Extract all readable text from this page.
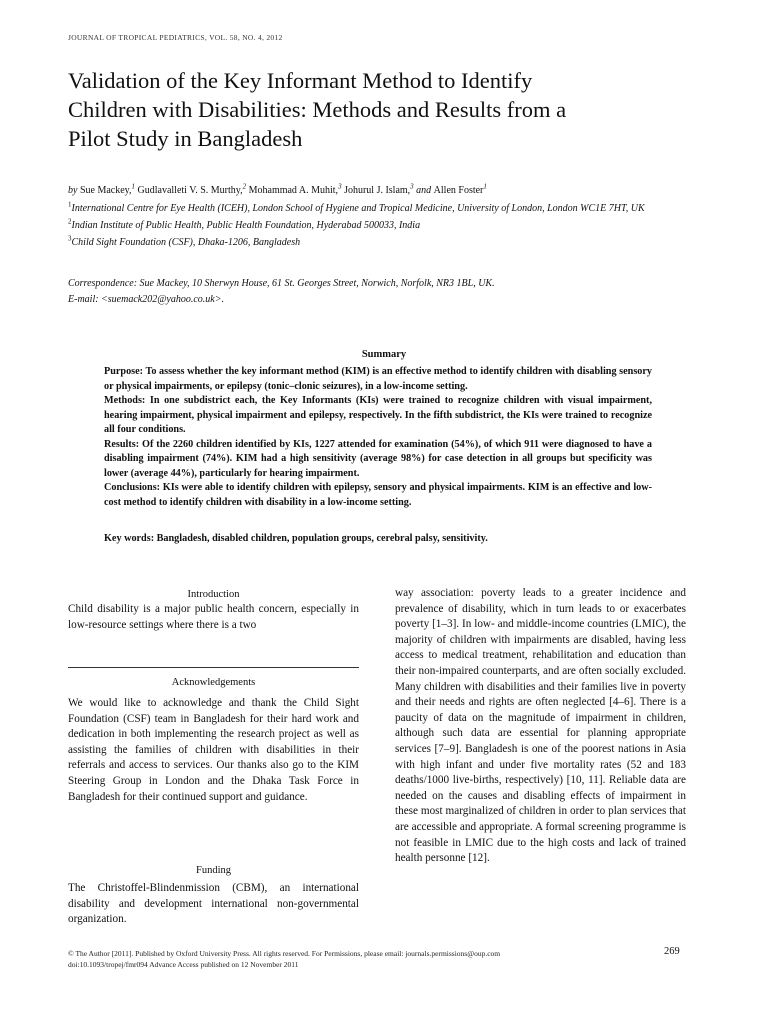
JOURNAL OF TROPICAL PEDIATRICS, VOL. 58, NO. 4, 2012
Validation of the Key Informant Method to Identify
Children with Disabilities: Methods and Results from a
Pilot Study in Bangladesh
by Sue Mackey,$^1$ Gudlavalleti V. S. Murthy,$^2$ Mohammad A. Muhit,$^3$ Johurul J. Islam,$^3$ and Allen Foster$^1$
$^1$International Centre for Eye Health (ICEH), London School of Hygiene and Tropical Medicine, University of London, London WC1E 7HT, UK
$^2$Indian Institute of Public Health, Public Health Foundation, Hyderabad 500033, India
$^3$Child Sight Foundation (CSF), Dhaka-1206, Bangladesh
Correspondence: Sue Mackey, 10 Sherwyn House, 61 St. Georges Street, Norwich, Norfolk, NR3 1BL, UK.
E-mail: <suemack202@yahoo.co.uk>.
Summary

Purpose: To assess whether the key informant method (KIM) is an effective method to identify children with disabling sensory or physical impairments, or epilepsy (tonic–clonic seizures), in a low-income setting.

Methods: In one subdistrict each, the Key Informants (KIs) were trained to recognize children with visual impairment, hearing impairment, physical impairment and epilepsy, respectively. In the fifth subdistrict, the KIs were trained to recognize all four conditions.

Results: Of the 2260 children identified by KIs, 1227 attended for examination (54%), of which 911 were diagnosed to have a disabling impairment (74%). KIM had a high sensitivity (average 98%) for case detection in all groups but specificity was lower (average 44%), particularly for hearing impairment.

Conclusions: KIs were able to identify children with epilepsy, sensory and physical impairments. KIM is an effective and low-cost method to identify children with disability in a low-income setting.

Key words: Bangladesh, disabled children, population groups, cerebral palsy, sensitivity.
Introduction
Child disability is a major public health concern, especially in low-resource settings where there is a two
Acknowledgements
We would like to acknowledge and thank the Child Sight Foundation (CSF) team in Bangladesh for their hard work and dedication in both implementing the research project as well as assisting the families of children with disabilities in their referrals and access to services. Our thanks also go to the KIM Steering Group in London and the Dhaka Task Force in Bangladesh for their continued support and guidance.
Funding
The Christoffel-Blindenmission (CBM), an international disability and development international non-governmental organization.
way association: poverty leads to a greater incidence and prevalence of disability, which in turn leads to or exacerbates poverty [1–3]. In low- and middle-income countries (LMIC), the majority of children with impairments are disabled, having less access to medical treatment, rehabilitation and education than their non-impaired counterparts, and are often socially excluded. Many children with disabilities and their families live in poverty and their needs and rights are often neglected [4–6]. There is a paucity of data on the magnitude of impairment in children, although such data are essential for planning appropriate services [7–9]. Bangladesh is one of the poorest nations in Asia with high infant and under five mortality rates (52 and 183 deaths/1000 live-births, respectively) [10, 11]. Reliable data are needed on the causes and disabling effects of impairment in these most marginalized of children in order to plan services that are accessible and appropriate. A formal screening programme is not feasible in LMIC due to the high costs and lack of trained health personne [12].
© The Author [2011]. Published by Oxford University Press. All rights reserved. For Permissions, please email: journals.permissions@oup.com
doi:10.1093/tropej/fmr094 Advance Access published on 12 November 2011
269
